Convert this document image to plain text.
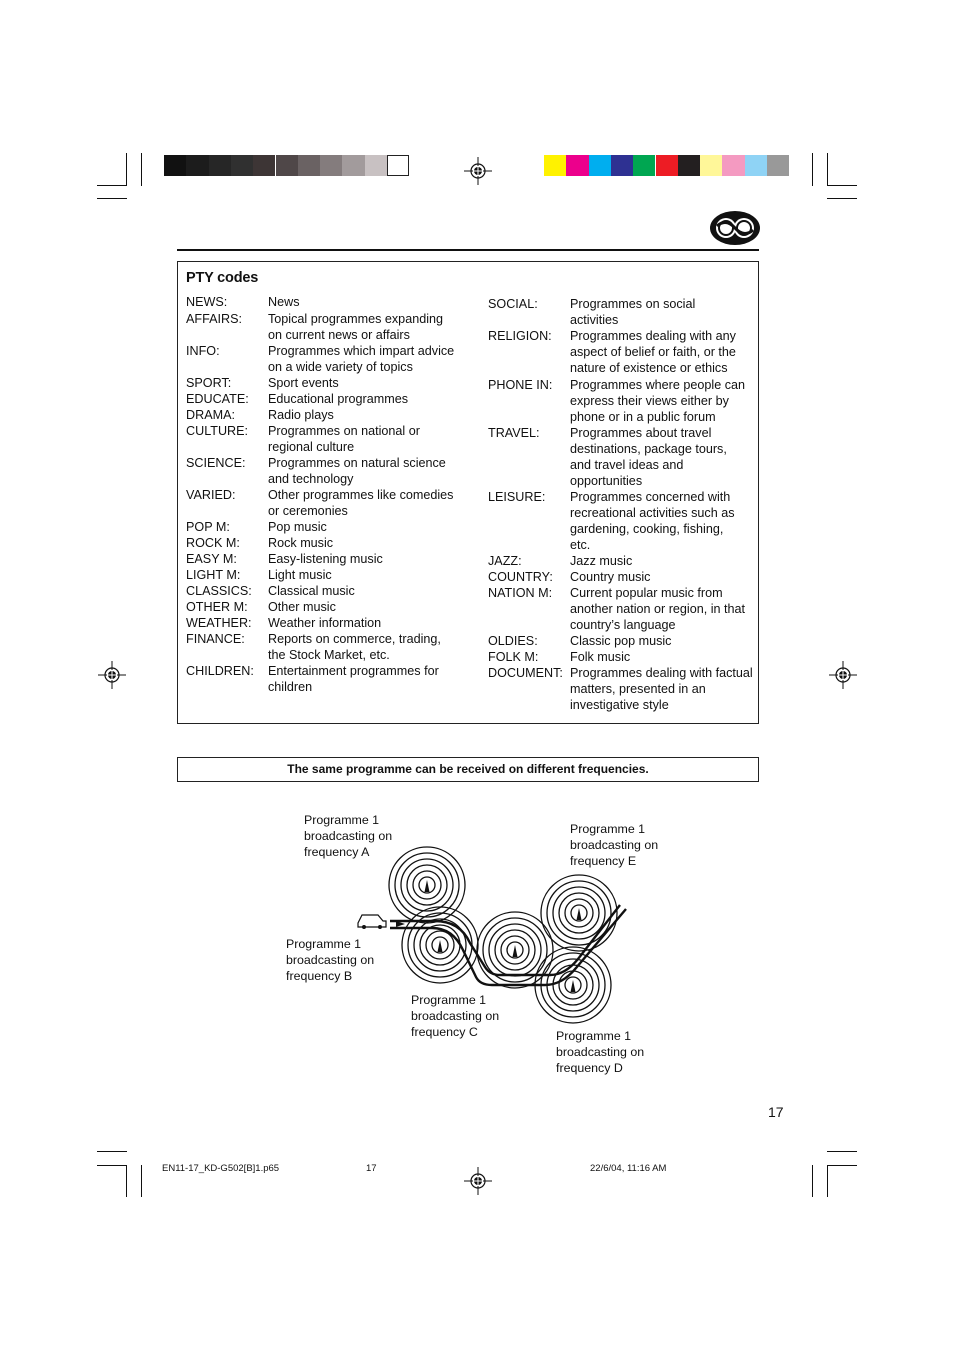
PTY codes
NEWS:	News
AFFAIRS: Topical programmes expanding on current news or affairs
INFO:	Programmes which impart advice on a wide variety of topics
SPORT:	Sport events
EDUCATE: Educational programmes
DRAMA:	Radio plays
CULTURE: Programmes on national or regional culture
SCIENCE: Programmes on natural science and technology
VARIED:	Other programmes like comedies or ceremonies
POP M:	Pop music
ROCK M: Rock music
EASY M: Easy-listening music
LIGHT M: Light music
CLASSICS: Classical music
OTHER M: Other music
WEATHER: Weather information
FINANCE: Reports on commerce, trading, the Stock Market, etc.
CHILDREN: Entertainment programmes for children
SOCIAL:	Programmes on social activities
RELIGION: Programmes dealing with any aspect of belief or faith, or the nature of existence or ethics
PHONE IN: Programmes where people can express their views either by phone or in a public forum
TRAVEL: Programmes about travel destinations, package tours, and travel ideas and opportunities
LEISURE: Programmes concerned with recreational activities such as gardening, cooking, fishing, etc.
JAZZ:	Jazz music
COUNTRY: Country music
NATION M: Current popular music from another nation or region, in that country’s language
OLDIES:	Classic pop music
FOLK M:	Folk music
DOCUMENT: Programmes dealing with factual matters, presented in an investigative style
The same programme can be received on different frequencies.
Programme 1 broadcasting on frequency A
Programme 1 broadcasting on frequency E
Programme 1 broadcasting on frequency B
Programme 1 broadcasting on frequency C	Programme 1 broadcasting on frequency D
17
EN11-17_KD-G502[B]1.p65	17	22/6/04, 11:16 AM
